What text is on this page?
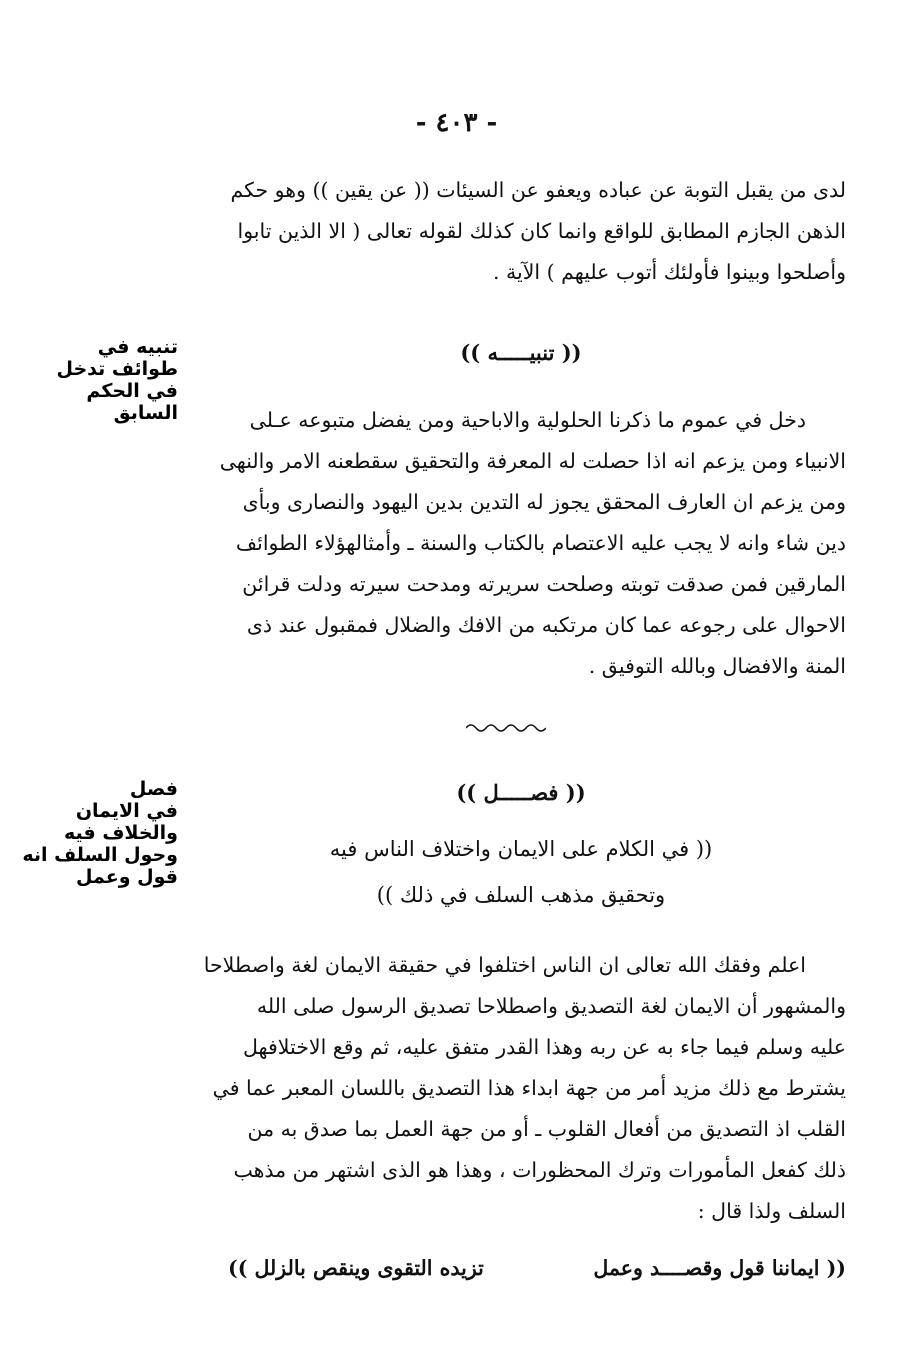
- ٤٠٣ -

لدى من يقبل التوبة عن عباده ويعفو عن السيئات (( عن يقين )) وهو حكم

الذهن الجازم المطابق للواقع وانما كان كذلك لقوله تعالى ( الا الذين تابوا

وأصلحوا وبينوا فأولئك أتوب عليهم ) الآية .

تنبيه في
طوائف تدخل
في الحكم
السابق
(( تنبيـــــه ))

دخل في عموم ما ذكرنا الحلولية والاباحية ومن يفضل متبوعه عـلى

الانبياء ومن يزعم انه اذا حصلت له المعرفة والتحقيق سقطعنه الامر والنهى

ومن يزعم ان العارف المحقق يجوز له التدين بدين اليهود والنصارى وبأى

دين شاء وانه لا يجب عليه الاعتصام بالكتاب والسنة ـ وأمثالهؤلاء الطوائف

المارقين فمن صدقت توبته وصلحت سريرته ومدحت سيرته ودلت قرائن

الاحوال على رجوعه عما كان مرتكبه من الافك والضلال فمقبول عند ذى

المنة والافضال وبالله التوفيق .

فصل
في الايمان
والخلاف فيه
وحول السلف انه
قول وعمل
(( فصـــــل ))

(( في الكلام على الايمان واختلاف الناس فيه

وتحقيق مذهب السلف في ذلك ))

اعلم وفقك الله تعالى ان الناس اختلفوا في حقيقة الايمان لغة واصطلاحا

والمشهور أن الايمان لغة التصديق واصطلاحا تصديق الرسول صلى الله

عليه وسلم فيما جاء به عن ربه وهذا القدر متفق عليه، ثم وقع الاختلافهل

يشترط مع ذلك مزيد أمر من جهة ابداء هذا التصديق باللسان المعبر عما في

القلب اذ التصديق من أفعال القلوب ـ أو من جهة العمل بما صدق به من

ذلك كفعل المأمورات وترك المحظورات ، وهذا هو الذى اشتهر من مذهب

السلف ولذا قال :

(( ايماننا قول وقصــــد وعمل
تزيده التقوى وينقص بالزلل ))
